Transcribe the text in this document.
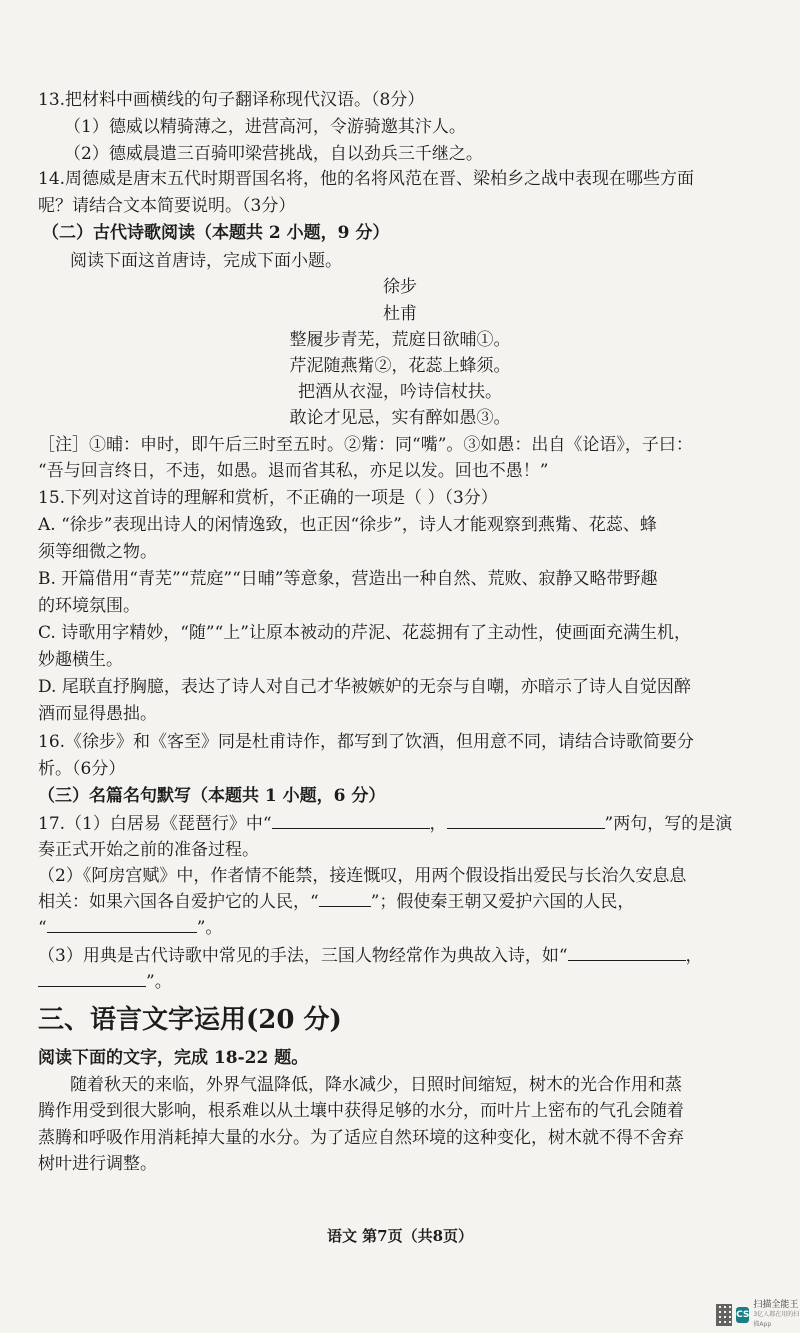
13.把材料中画横线的句子翻译称现代汉语。（8分）
（1）德威以精骑薄之，进营高河，令游骑邀其汴人。
（2）德威晨遣三百骑叩梁营挑战，自以劲兵三千继之。
14.周德威是唐末五代时期晋国名将，他的名将风范在晋、梁柏乡之战中表现在哪些方面
呢？请结合文本简要说明。（3分）
（二）古代诗歌阅读（本题共 2 小题，9 分）
阅读下面这首唐诗，完成下面小题。
徐步
杜甫
整履步青芜，荒庭日欲晡①。
芹泥随燕觜②，花蕊上蜂须。
把酒从衣湿，吟诗信杖扶。
敢论才见忌，实有醉如愚③。
［注］①晡：申时，即午后三时至五时。②觜：同“嘴”。③如愚：出自《论语》，子曰：
“吾与回言终日，不违，如愚。退而省其私，亦足以发。回也不愚！”
15.下列对这首诗的理解和赏析，不正确的一项是（ ）（3分）
A. “徐步”表现出诗人的闲情逸致，也正因“徐步”，诗人才能观察到燕觜、花蕊、蜂
须等细微之物。
B. 开篇借用“青芜”“荒庭”“日晡”等意象，营造出一种自然、荒败、寂静又略带野趣
的环境氛围。
C. 诗歌用字精妙，“随”“上”让原本被动的芹泥、花蕊拥有了主动性，使画面充满生机，
妙趣横生。
D. 尾联直抒胸臆，表达了诗人对自己才华被嫉妒的无奈与自嘲，亦暗示了诗人自觉因醉
酒而显得愚拙。
16.《徐步》和《客至》同是杜甫诗作，都写到了饮酒，但用意不同，请结合诗歌简要分
析。（6分）
（三）名篇名句默写（本题共 1 小题，6 分）
17.（1）白居易《琵琶行》中“	，	”两句，写的是演
奏正式开始之前的准备过程。
（2）《阿房宫赋》中，作者情不能禁，接连慨叹，用两个假设指出爱民与长治久安息息
相关：如果六国各自爱护它的人民，“	”；假使秦王朝又爱护六国的人民，
“	”。
（3）用典是古代诗歌中常见的手法，三国人物经常作为典故入诗，如“	，
”。
三、语言文字运用(20 分)
阅读下面的文字，完成 18-22 题。
随着秋天的来临，外界气温降低，降水减少，日照时间缩短，树木的光合作用和蒸
腾作用受到很大影响，根系难以从土壤中获得足够的水分，而叶片上密布的气孔会随着
蒸腾和呼吸作用消耗掉大量的水分。为了适应自然环境的这种变化，树木就不得不舍弃
树叶进行调整。
语文 第7页（共8页）
CS
扫描全能王
3亿人都在用的扫描App
